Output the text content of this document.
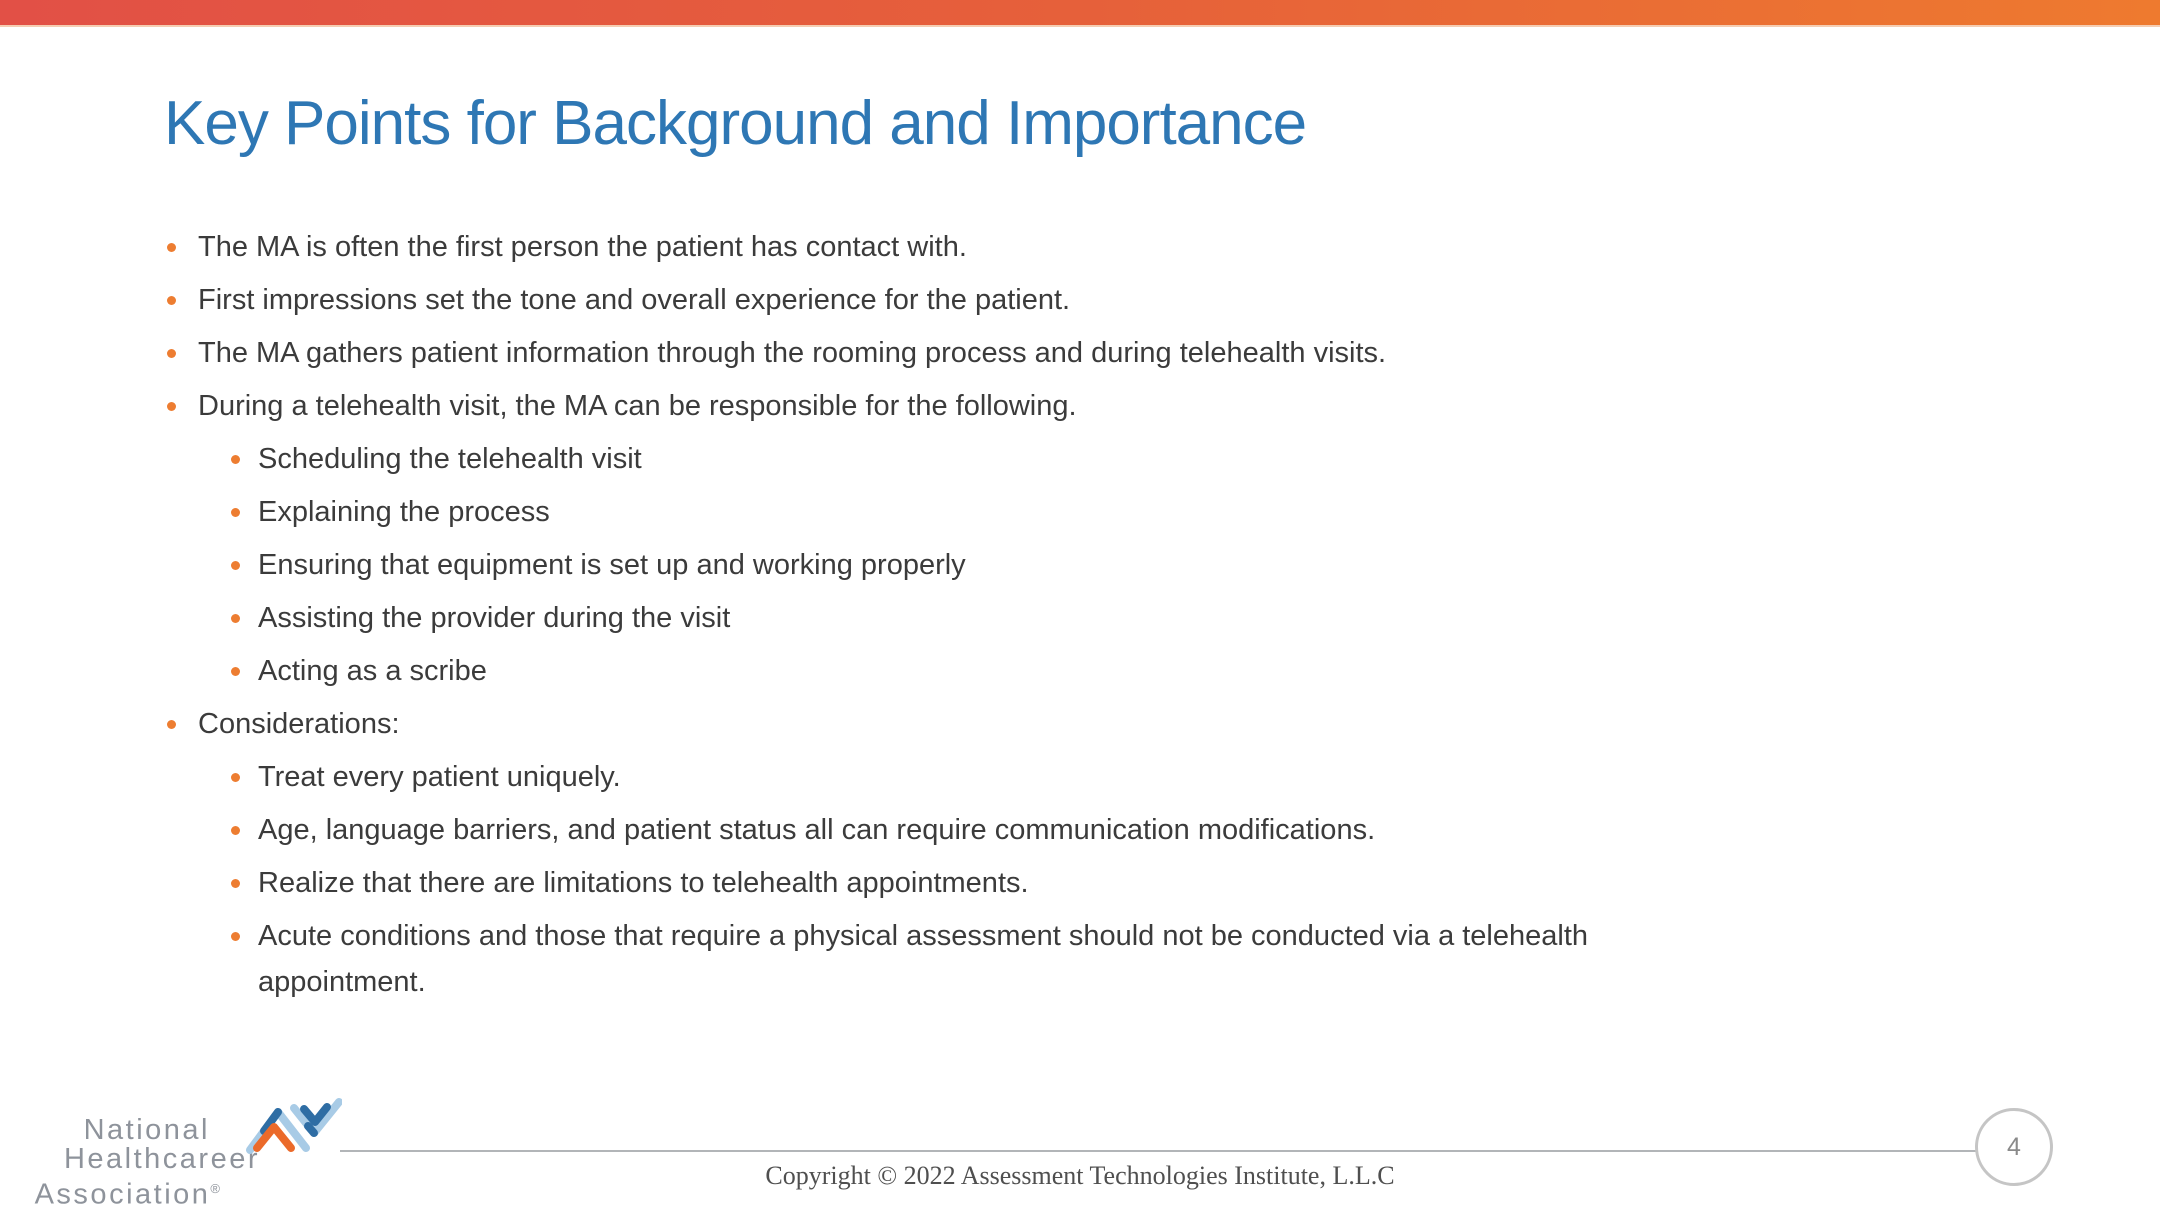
Key Points for Background and Importance
The MA is often the first person the patient has contact with.
First impressions set the tone and overall experience for the patient.
The MA gathers patient information through the rooming process and during telehealth visits.
During a telehealth visit, the MA can be responsible for the following.
Scheduling the telehealth visit
Explaining the process
Ensuring that equipment is set up and working properly
Assisting the provider during the visit
Acting as a scribe
Considerations:
Treat every patient uniquely.
Age, language barriers, and patient status all can require communication modifications.
Realize that there are limitations to telehealth appointments.
Acute conditions and those that require a physical assessment should not be conducted via a telehealth appointment.
National
Healthcareer
Association®
4
Copyright © 2022 Assessment Technologies Institute, L.L.C
